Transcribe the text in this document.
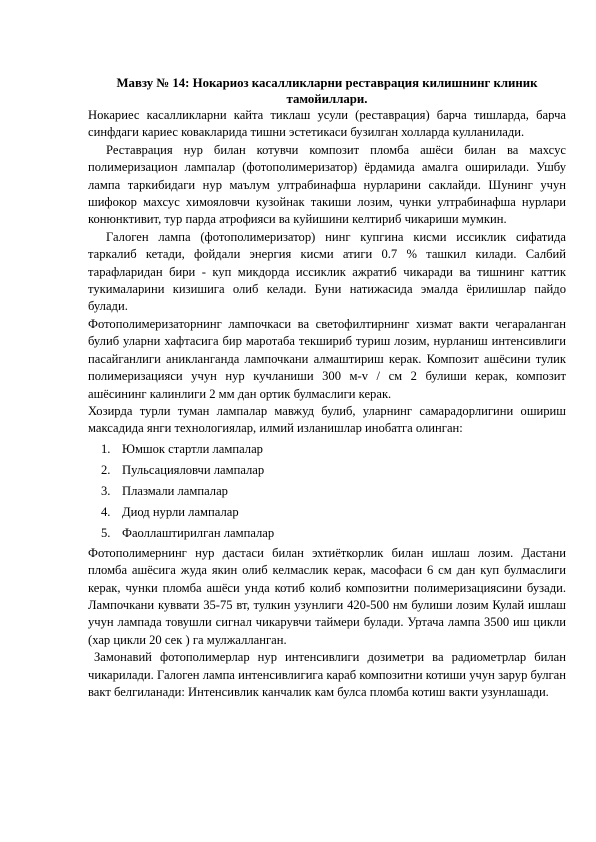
Мавзу № 14: Нокариоз касалликларни реставрация килишнинг клиник тамойиллари.

Нокариес касалликларни кайта тиклаш усули (реставрация) барча тишларда, барча синфдаги кариес ковакларида тишни эстетикаси бузилган холларда кулланилади.

Реставрация нур билан котувчи композит пломба ашёси билан ва махсус полимеризацион лампалар (фотополимеризатор) ёрдамида амалга оширилади. Ушбу лампа таркибидаги нур маълум ултрабинафша нурларини саклайди. Шунинг учун шифокор махсус химояловчи кузойнак такиши лозим, чунки ултрабинафша нурлари конюнктивит, тур парда атрофияси ва куйишини келтириб чикариши мумкин.

Галоген лампа (фотополимеризатор) нинг купгина кисми иссиклик сифатида таркалиб кетади, фойдали энергия кисми атиги 0.7 % ташкил килади. Салбий тарафларидан бири - куп микдорда иссиклик ажратиб чикаради ва тишнинг каттик тукималарини кизишига олиб келади. Буни натижасида эмалда ёрилишлар пайдо булади.

Фотополимеризаторнинг лампочкаси ва светофилтирнинг хизмат вакти чегараланган булиб уларни хафтасига бир маротаба текшириб туриш лозим, нурланиш интенсивлиги пасайганлиги аникланганда лампочкани алмаштириш керак. Композит ашёсини тулик полимеризацияси учун нур кучланиши 300 м-v / см 2 булиши керак, композит ашёсининг калинлиги 2 мм дан ортик булмаслиги керак.

Хозирда турли туман лампалар мавжуд булиб, уларнинг самарадорлигини ошириш максадида янги технологиялар, илмий изланишлар инобатга олинган:

1. Юмшок стартли лампалар
2. Пульсацияловчи лампалар
3. Плазмали лампалар
4. Диод нурли лампалар
5. Фаоллаштирилган лампалар

Фотополимернинг нур дастаси билан эхтиёткорлик билан ишлаш лозим. Дастани пломба ашёсига жуда якин олиб келмаслик керак, масофаси 6 см дан куп булмаслиги керак, чунки пломба ашёси унда котиб колиб композитни полимеризациясини бузади. Лампочкани куввати 35-75 вт, тулкин узунлиги 420-500 нм булиши лозим Кулай ишлаш учун лампада товушли сигнал чикарувчи таймери булади. Уртача лампа 3500 иш цикли (хар цикли 20 сек ) га мулжалланган.

Замонавий фотополимерлар нур интенсивлиги дозиметри ва радиометрлар билан чикарилади. Галоген лампа интенсивлигига караб композитни котиши учун заруp булган вакт белгиланади: Интенсивлик канчалик кам булса пломба котиш вакти узунлашади.
